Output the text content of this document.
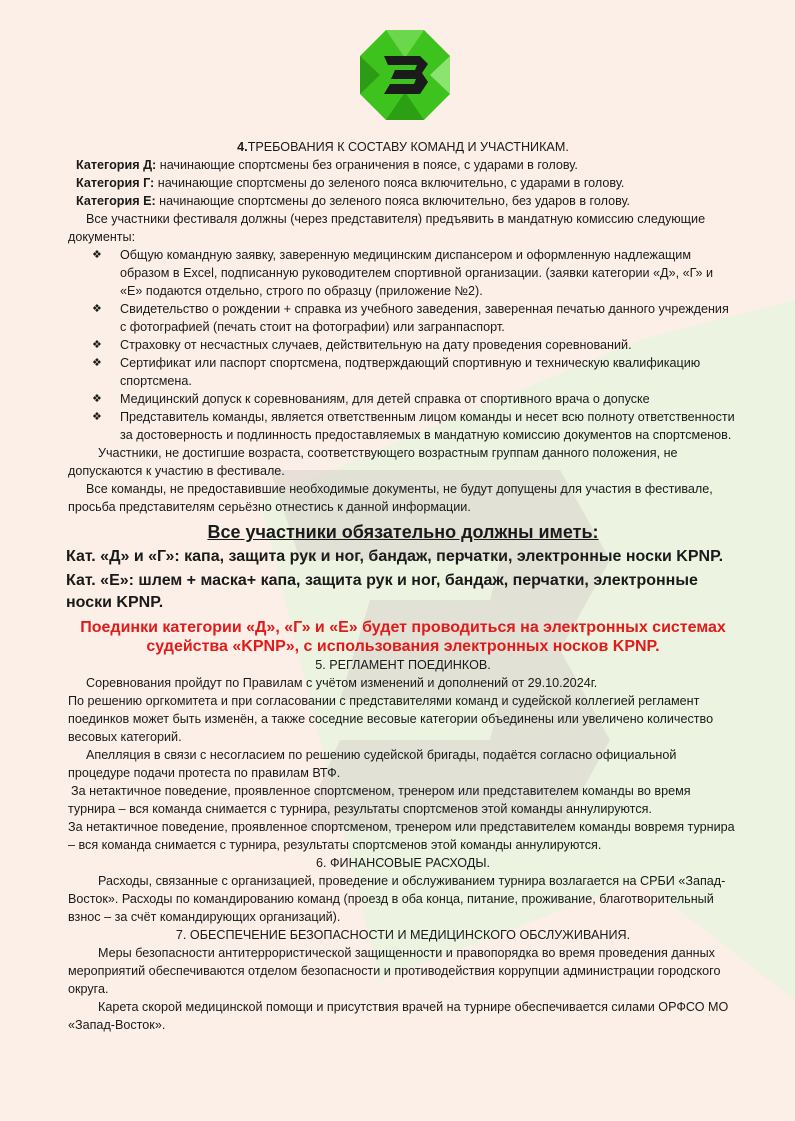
4.ТРЕБОВАНИЯ К СОСТАВУ КОМАНД И УЧАСТНИКАМ.

Категория Д: начинающие спортсмены без ограничения в поясе, с ударами в голову.

Категория Г: начинающие спортсмены до зеленого пояса включительно, с ударами в голову.

Категория Е: начинающие спортсмены до зеленого пояса включительно, без ударов в голову.

Все участники фестиваля должны (через представителя) предъявить в мандатную комиссию следующие документы:

❖ Общую командную заявку, заверенную медицинским диспансером и оформленную надлежащим образом в Excel, подписанную руководителем спортивной организации. (заявки категории «Д», «Г» и «Е» подаются отдельно, строго по образцу (приложение №2).
❖ Свидетельство о рождении + справка из учебного заведения, заверенная печатью данного учреждения с фотографией (печать стоит на фотографии) или загранпаспорт.
❖ Страховку от несчастных случаев, действительную на дату проведения соревнований.
❖ Сертификат или паспорт спортсмена, подтверждающий спортивную и техническую квалификацию спортсмена.
❖ Медицинский допуск к соревнованиям, для детей справка от спортивного врача о допуске
❖ Представитель команды, является ответственным лицом команды и несет всю полноту ответственности за достоверность и подлинность предоставляемых в мандатную комиссию документов на спортсменов.

Участники, не достигшие возраста, соответствующего возрастным группам данного положения, не допускаются к участию в фестивале.

Все команды, не предоставившие необходимые документы, не будут допущены для участия в фестивале, просьба представителям серьёзно отнестись к данной информации.

Все участники обязательно должны иметь:

Кат. «Д» и «Г»: капа, защита рук и ног, бандаж, перчатки, электронные носки KPNP.

Кат. «Е»: шлем + маска+ капа, защита рук и ног, бандаж, перчатки, электронные носки KPNP.

Поединки категории «Д», «Г» и «Е» будет проводиться на электронных системах судейства «KPNP», с использования электронных носков KPNP.

5. РЕГЛАМЕНТ ПОЕДИНКОВ.

Соревнования пройдут по Правилам с учётом изменений и дополнений от 29.10.2024г.

По решению оргкомитета и при согласовании с представителями команд и судейской коллегией регламент поединков может быть изменён, а также соседние весовые категории объединены или увеличено количество весовых категорий.

Апелляция в связи с несогласием по решению судейской бригады, подаётся согласно официальной процедуре подачи протеста по правилам ВТФ.

За нетактичное поведение, проявленное спортсменом, тренером или представителем команды во время турнира – вся команда снимается с турнира, результаты спортсменов этой команды аннулируются.

За нетактичное поведение, проявленное спортсменом, тренером или представителем команды вовремя турнира – вся команда снимается с турнира, результаты спортсменов этой команды аннулируются.

6. ФИНАНСОВЫЕ РАСХОДЫ.

Расходы, связанные с организацией, проведение и обслуживанием турнира возлагается на СРБИ «Запад-Восток». Расходы по командированию команд (проезд в оба конца, питание, проживание, благотворительный взнос – за счёт командирующих организаций).

7. ОБЕСПЕЧЕНИЕ БЕЗОПАСНОСТИ И МЕДИЦИНСКОГО ОБСЛУЖИВАНИЯ.

Меры безопасности антитеррористической защищенности и правопорядка во время проведения данных мероприятий обеспечиваются отделом безопасности и противодействия коррупции администрации городского округа.

Карета скорой медицинской помощи и присутствия врачей на турнире обеспечивается силами ОРФСО МО «Запад-Восток».
